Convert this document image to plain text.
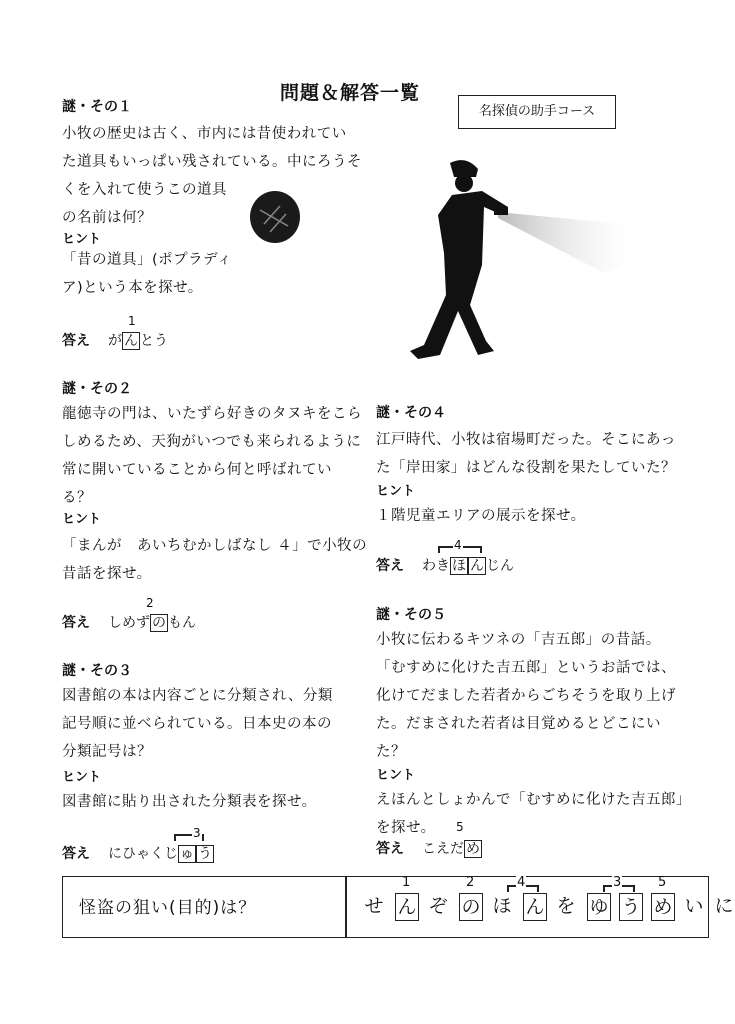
問題＆解答一覧
名探偵の助手コース
謎・その１
小牧の歴史は古く、市内には昔使われてい
た道具もいっぱい残されている。中にろうそ
くを入れて使うこの道具
の名前は何？
ヒント
「昔の道具」(ポプラディ
ア)という本を探せ。
1
答え が ん とう
謎・その２
龍徳寺の門は、いたずら好きのタヌキをこら
しめるため、天狗がいつでも来られるように
常に開いていることから何と呼ばれてい
る？
ヒント
「まんが　あいちむかしばなし ４」で小牧の
昔話を探せ。
2
答え しめず の もん
謎・その３
図書館の本は内容ごとに分類され、分類
記号順に並べられている。日本史の本の
分類記号は？
ヒント
図書館に貼り出された分類表を探せ。
3
答え にひゃくじ ゅ う
謎・その４
江戸時代、小牧は宿場町だった。そこにあっ
た「岸田家」はどんな役割を果たしていた？
ヒント
１階児童エリアの展示を探せ。
4
答え わき ほ ん じん
謎・その５
小牧に伝わるキツネの「吉五郎」の昔話。
「むすめに化けた吉五郎」というお話では、
化けてだました若者からごちそうを取り上げ
た。だまされた若者は目覚めるとどこにい
た？
ヒント
えほんとしょかんで「むすめに化けた吉五郎」
を探せ。	5
答え こえだ め
怪盗の狙い(目的)は？	せ ん ぞ の ほ ん を ゆ う め い に
1	2	4	3	5
